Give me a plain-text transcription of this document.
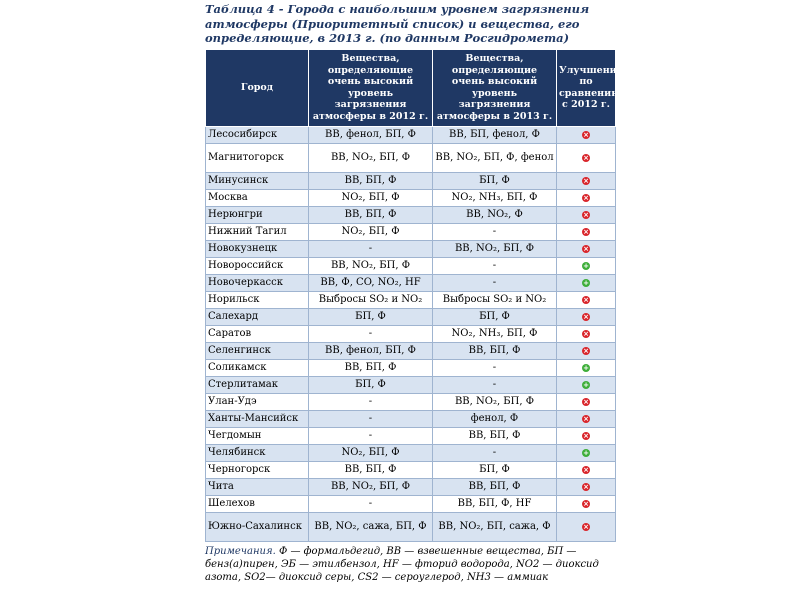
Таблица 4 - Города с наибольшим уровнем загрязнения атмосферы (Приоритетный список) и вещества, его определяющие, в 2013 г. (по данным Росгидромета)
Город	Вещества, определяющие очень высокий уровень загрязнения атмосферы в 2012 г.	Вещества, определяющие очень высокий уровень загрязнения атмосферы в 2013 г.	Улучшение по сравнению с 2012 г.
Лесосибирск	ВВ, фенол, БП, Ф	ВВ, БП, фенол, Ф	×
Магнитогорск	ВВ, NO₂, БП, Ф	ВВ, NO₂, БП, Ф, фенол	×
Минусинск	ВВ, БП, Ф	БП, Ф	×
Москва	NO₂, БП, Ф	NO₂, NH₃, БП, Ф	×
Нерюнгри	ВВ, БП, Ф	ВВ, NO₂, Ф	×
Нижний Тагил	NO₂, БП, Ф	-	×
Новокузнецк	-	ВВ, NO₂, БП, Ф	×
Новороссийск	ВВ, NO₂, БП, Ф	-	+
Новочеркасск	ВВ, Ф, CO, NO₂, HF	-	+
Норильск	Выбросы SO₂ и NO₂	Выбросы SO₂ и NO₂	×
Салехард	БП, Ф	БП, Ф	×
Саратов	-	NO₂, NH₃, БП, Ф	×
Селенгинск	ВВ, фенол, БП, Ф	ВВ, БП, Ф	×
Соликамск	ВВ, БП, Ф	-	+
Стерлитамак	БП, Ф	-	+
Улан-Удэ	-	ВВ, NO₂, БП, Ф	×
Ханты-Мансийск	-	фенол, Ф	×
Чегдомын	-	ВВ, БП, Ф	×
Челябинск	NO₂, БП, Ф	-	+
Черногорск	ВВ, БП, Ф	БП, Ф	×
Чита	ВВ, NO₂, БП, Ф	ВВ, БП, Ф	×
Шелехов	-	ВВ, БП, Ф, HF	×
Южно-Сахалинск	ВВ, NO₂, сажа, БП, Ф	ВВ, NO₂, БП, сажа, Ф	×
Примечания. Ф — формальдегид, ВВ — взвешенные вещества, БП — бенз(а)пирен, ЭБ — этилбензол, HF — фторид водорода, NO2 — диоксид азота, SO2— диоксид серы, CS2 — сероуглерод, NH3 — аммиак
